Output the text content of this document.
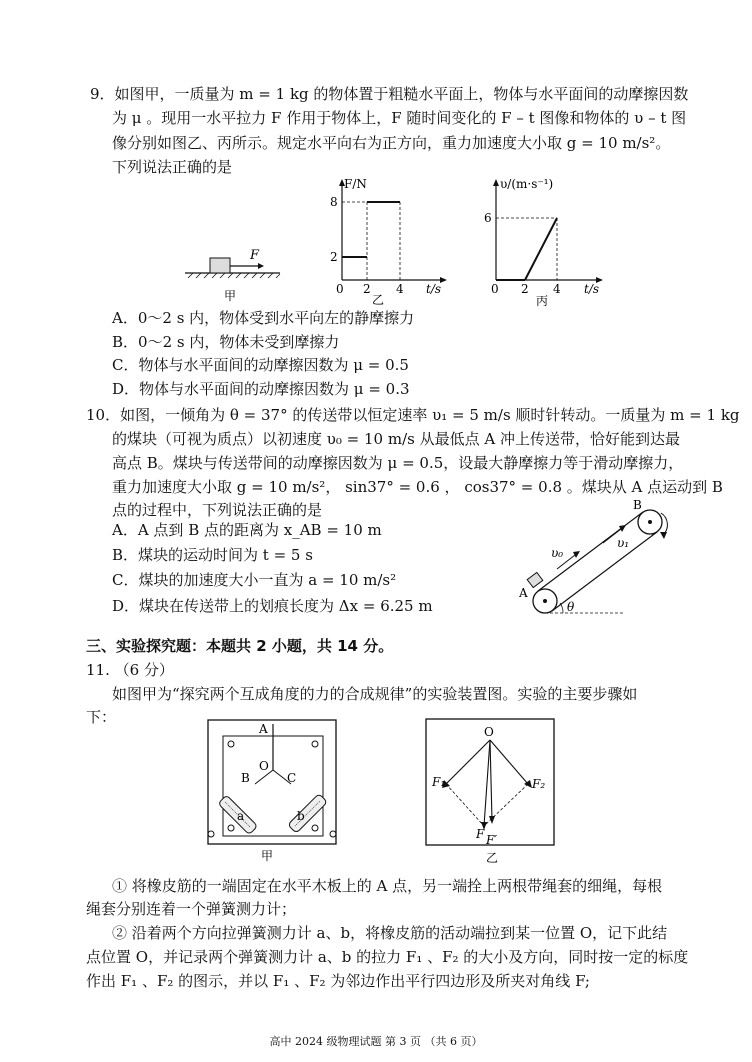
9．如图甲，一质量为 m = 1 kg 的物体置于粗糙水平面上，物体与水平面间的动摩擦因数
为 μ 。现用一水平拉力 F 作用于物体上，F 随时间变化的 F – t 图像和物体的 υ – t 图
像分别如图乙、丙所示。规定水平向右为正方向，重力加速度大小取 g = 10 m/s²。
下列说法正确的是
F
甲
F/N
t/s
8
2
0 2 4
乙
υ/(m·s⁻¹)
t/s
6
0 2 4
丙
A．0～2 s 内，物体受到水平向左的静摩擦力
B．0～2 s 内，物体未受到摩擦力
C．物体与水平面间的动摩擦因数为 μ = 0.5
D．物体与水平面间的动摩擦因数为 μ = 0.3
10．如图，一倾角为 θ = 37° 的传送带以恒定速率 υ₁ = 5 m/s 顺时针转动。一质量为 m = 1 kg
的煤块（可视为质点）以初速度 υ₀ = 10 m/s 从最低点 A 冲上传送带，恰好能到达最
高点 B。煤块与传送带间的动摩擦因数为 μ = 0.5，设最大静摩擦力等于滑动摩擦力，
重力加速度大小取 g = 10 m/s²， sin37° = 0.6 ， cos37° = 0.8 。煤块从 A 点运动到 B
点的过程中，下列说法正确的是
A．A 点到 B 点的距离为 x_AB = 10 m
B．煤块的运动时间为 t = 5 s
C．煤块的加速度大小一直为 a = 10 m/s²
D．煤块在传送带上的划痕长度为 Δx = 6.25 m	θ
A
B
υ₀
υ₁
三、实验探究题：本题共 2 小题，共 14 分。
11. （6 分）
如图甲为“探究两个互成角度的力的合成规律”的实验装置图。实验的主要步骤如
下：
A
O
B	C
a	b
甲
O
F₁	F₂
F F′
乙
① 将橡皮筋的一端固定在水平木板上的 A 点，另一端拴上两根带绳套的细绳，每根
绳套分别连着一个弹簧测力计；
② 沿着两个方向拉弹簧测力计 a、b，将橡皮筋的活动端拉到某一位置 O，记下此结
点位置 O，并记录两个弹簧测力计 a、b 的拉力 F₁ 、F₂ 的大小及方向，同时按一定的标度
作出 F₁ 、F₂ 的图示，并以 F₁ 、F₂ 为邻边作出平行四边形及所夹对角线 F;
高中 2024 级物理试题 第 3 页 （共 6 页）
